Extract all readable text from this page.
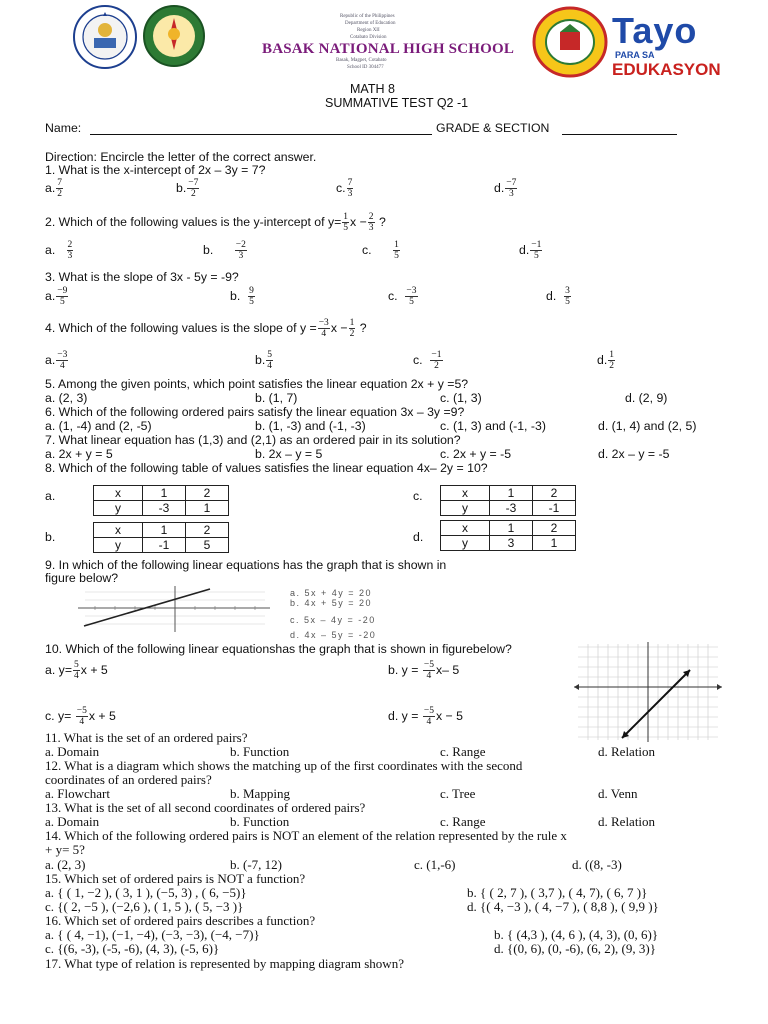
Republic of the Philippines
Department of Education
Region XII
Cotabato Division
BASAK NATIONAL HIGH SCHOOL
Basak, Magpet, Cotabato
School ID 304477
Tayo
PARA SA
EDUKASYON
MATH 8
SUMMATIVE TEST Q2 -1
Name:	GRADE & SECTION
Direction: Encircle the letter of the correct answer.
1. What is the x-intercept of 2x – 3y = 7?
a. $\frac{7}{2}$	b. $\frac{-7}{2}$	c. $\frac{7}{3}$	d. $\frac{-7}{3}$
2. Which of the following values is the y-intercept of $y= \frac{1}{5}$ $x - \frac{2}{3}$ ?
a. $\frac{2}{3}$	b. $\frac{-2}{3}$	c. $\frac{1}{5}$	d. $\frac{-1}{5}$
3. What is the slope of 3x - 5y = -9?
a. $\frac{-9}{5}$	b. $\frac{9}{5}$	c. $\frac{-3}{5}$	d. $\frac{3}{5}$
4. Which of the following values is the slope of $y = \frac{-3}{4}$ $x - \frac{1}{2}$ ?
a. $\frac{-3}{4}$	b. $\frac{5}{4}$	c. $\frac{-1}{2}$	d. $\frac{1}{2}$
5. Among the given points, which point satisfies the linear equation 2x + y =5?
a. (2, 3)	b. (1, 7)	c. (1, 3)	d. (2, 9)
6. Which of the following ordered pairs satisfy the linear equation 3x – 3y =9?
a. (1, -4) and (2, -5)	b. (1, -3) and (-1, -3)	c. (1, 3) and (-1, -3)	d. (1, 4) and (2, 5)
7. What linear equation has (1,3) and (2,1) as an ordered pair in its solution?
a. 2x + y = 5	b. 2x – y = 5	c. 2x + y = -5	d. 2x – y = -5
8. Which of the following table of values satisfies the linear equation 4x– 2y = 10?
a.	x	1	2
y	-3	1
c.	x	1	2
y	-3	-1
b.	x	1	2
y	-1	5
d.
x	1	2
y	3	1
9. In which of the following linear equations has the graph that is shown in
figure below?
a. 5x + 4y = 20
b. 4x + 5y = 20
c. 5x – 4y = -20
d. 4x – 5y = -20
10. Which of the following linear equationshas the graph that is shown in figurebelow?
a. $y= \frac{5}{4}$ x + 5	b. $y = \frac{-5}{4} x-$ 5
c. $y= \frac{-5}{4}$ x + 5	d. $y = \frac{-5}{4}$ x − 5
11. What is the set of an ordered pairs?
a. Domain	b. Function	c. Range	d. Relation
12. What is a diagram which shows the matching up of the first coordinates with the second
coordinates of an ordered pairs?
a. Flowchart	b. Mapping	c. Tree	d. Venn
13. What is the set of all second coordinates of ordered pairs?
a. Domain	b. Function	c. Range	d. Relation
14. Which of the following ordered pairs is NOT an element of the relation represented by the rule x
+ y= 5?
a. (2, 3)	b. (-7, 12)	c. (1,-6)	d. ((8, -3)
15. Which set of ordered pairs is NOT a function?
a. { ( 1, −2 ), ( 3, 1 ), (−5, 3) , ( 6, −5)}	b. { ( 2, 7 ), ( 3,7 ), ( 4, 7), ( 6, 7 )}
c. {( 2, −5 ), (−2,6 ), ( 1, 5 ), ( 5, −3 )}	d. {( 4, −3 ), ( 4, −7 ), ( 8,8 ), ( 9,9 )}
16. Which set of ordered pairs describes a function?
a. { ( 4, −1), (−1, −4), (−3, −3), (−4, −7)}	b. { (4,3 ), (4, 6 ), (4, 3), (0, 6)}
c. {(6, -3), (-5, -6), (4, 3), (-5, 6)}	d. {(0, 6), (0, -6), (6, 2), (9, 3)}
17. What type of relation is represented by mapping diagram shown?
